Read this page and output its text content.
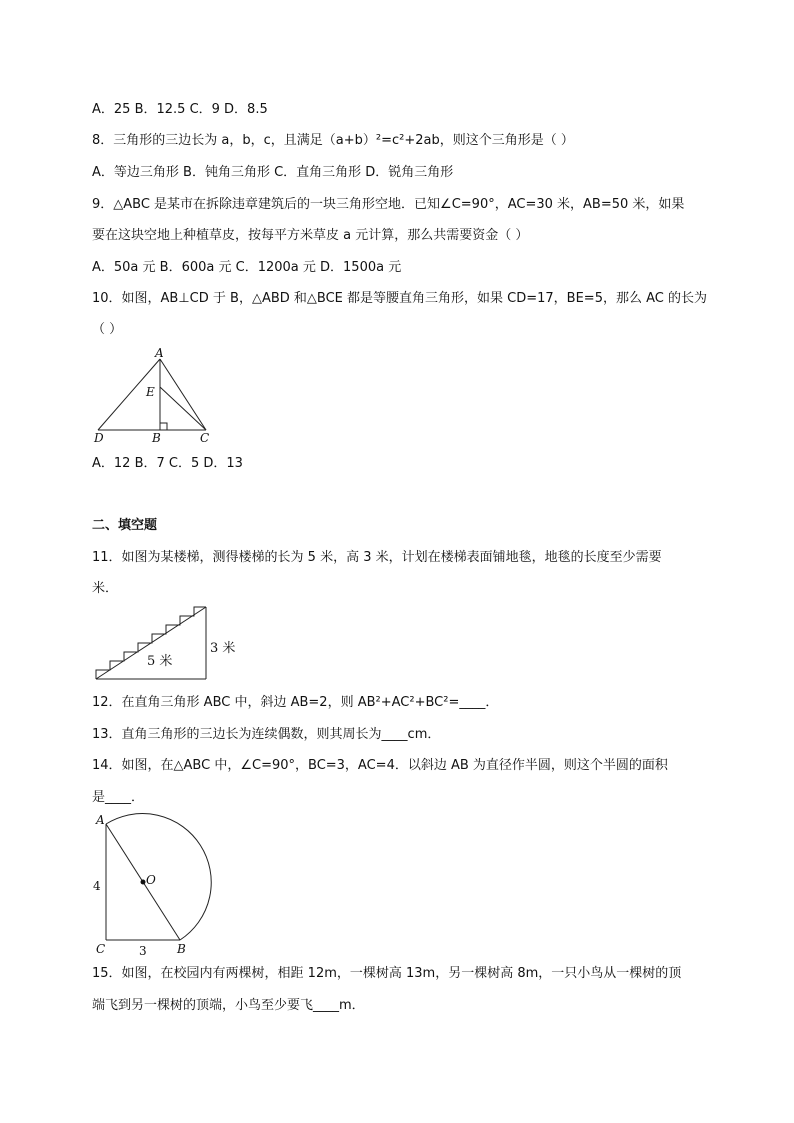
A．25 B．12.5 C．9 D．8.5
8．三角形的三边长为 a，b，c，且满足（a+b）²=c²+2ab，则这个三角形是（ ）
A．等边三角形 B．钝角三角形 C．直角三角形 D．锐角三角形
9．△ABC 是某市在拆除违章建筑后的一块三角形空地．已知∠C=90°，AC=30 米，AB=50 米，如果
要在这块空地上种植草皮，按每平方米草皮 a 元计算，那么共需要资金（ ）
A．50a 元 B．600a 元 C．1200a 元 D．1500a 元
10．如图，AB⊥CD 于 B，△ABD 和△BCE 都是等腰直角三角形，如果 CD=17，BE=5，那么 AC 的长为
（ ）
A
E
D	B	C
A．12 B．7 C．5 D．13
二、填空题
11．如图为某楼梯，测得楼梯的长为 5 米，高 3 米，计划在楼梯表面铺地毯，地毯的长度至少需要
米．
5 米
3 米
12．在直角三角形 ABC 中，斜边 AB=2，则 AB²+AC²+BC²=____．
13．直角三角形的三边长为连续偶数，则其周长为____cm．
14．如图，在△ABC 中，∠C=90°，BC=3，AC=4．以斜边 AB 为直径作半圆，则这个半圆的面积
是____．
A
O
C	B
4
3
15．如图，在校园内有两棵树，相距 12m，一棵树高 13m，另一棵树高 8m，一只小鸟从一棵树的顶
端飞到另一棵树的顶端，小鸟至少要飞____m．
